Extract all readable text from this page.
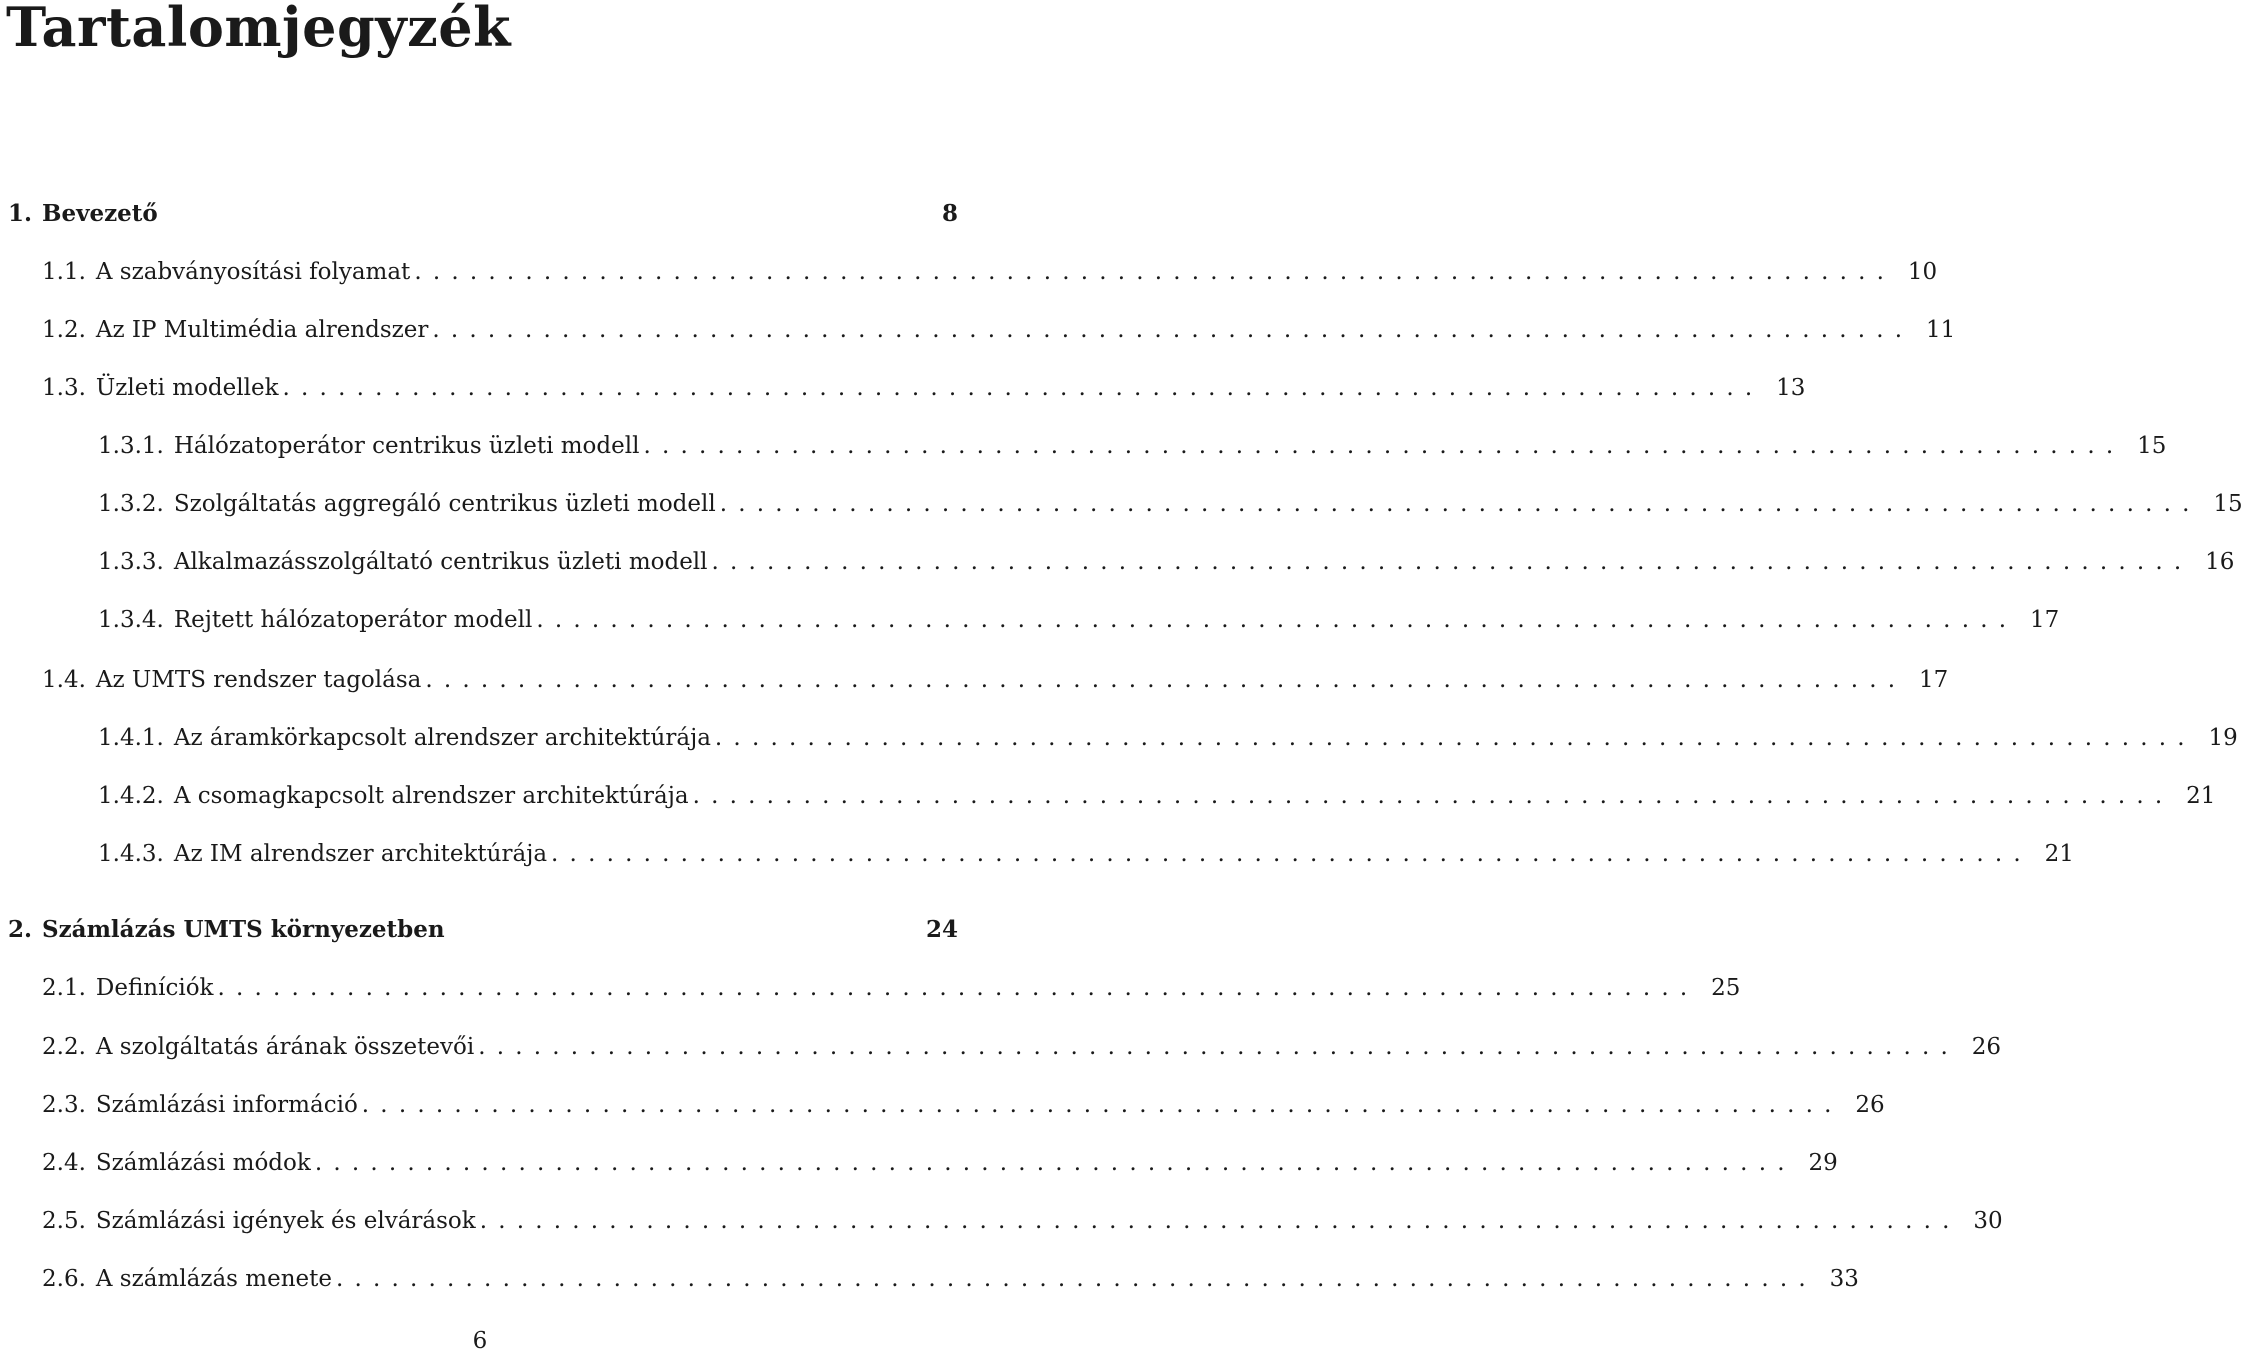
Tartalomjegyzék
1. Bevezető	8
1.1. A szabványosítási folyamat ................................................................................ 10
1.2. Az IP Multimédia alrendszer ................................................................................ 11
1.3. Üzleti modellek ................................................................................ 13
1.3.1. Hálózatoperátor centrikus üzleti modell ................................................................................ 15
1.3.2. Szolgáltatás aggregáló centrikus üzleti modell ................................................................................ 15
1.3.3. Alkalmazásszolgáltató centrikus üzleti modell ................................................................................ 16
1.3.4. Rejtett hálózatoperátor modell ................................................................................ 17
1.4. Az UMTS rendszer tagolása ................................................................................ 17
1.4.1. Az áramkörkapcsolt alrendszer architektúrája ................................................................................ 19
1.4.2. A csomagkapcsolt alrendszer architektúrája ................................................................................ 21
1.4.3. Az IM alrendszer architektúrája ................................................................................ 21
2. Számlázás UMTS környezetben	24
2.1. Definíciók ................................................................................ 25
2.2. A szolgáltatás árának összetevői ................................................................................ 26
2.3. Számlázási információ ................................................................................ 26
2.4. Számlázási módok ................................................................................ 29
2.5. Számlázási igények és elvárások ................................................................................ 30
2.6. A számlázás menete ................................................................................ 33
6
